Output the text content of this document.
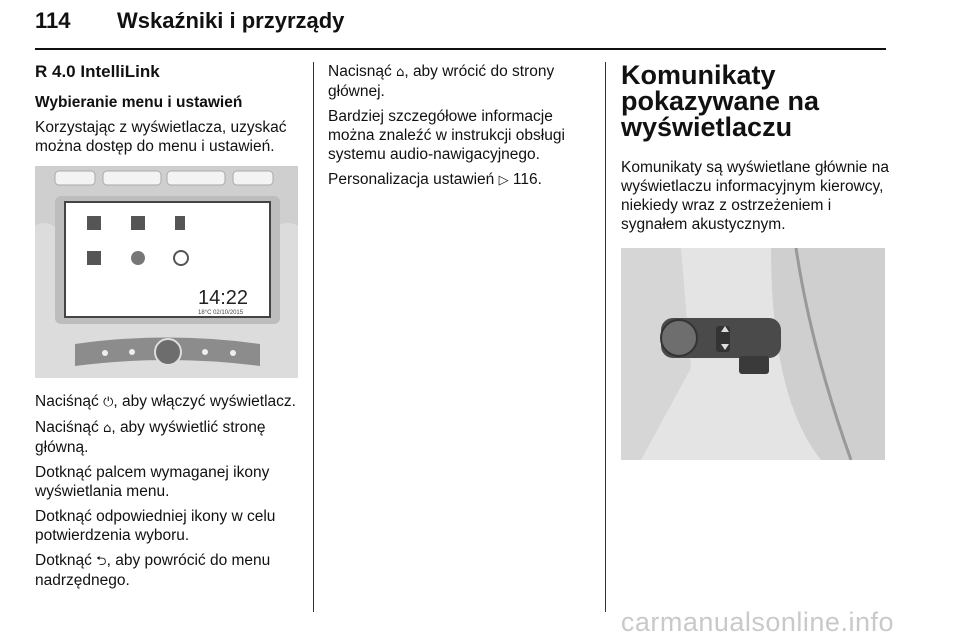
114 Wskaźniki i przyrządy
R 4.0 IntelliLink

Wybieranie menu i ustawień

Korzystając z wyświetlacza, uzyskać można dostęp do menu i ustawień.

14:22
18°C 02/10/2015

Naciśnąć ⏻, aby włączyć wyświetlacz.

Naciśnąć ⌂, aby wyświetlić stronę główną.

Dotknąć palcem wymaganej ikony wyświetlania menu.

Dotknąć odpowiedniej ikony w celu potwierdzenia wyboru.

Dotknąć ⮌, aby powrócić do menu nadrzędnego.

Nacisnąć ⌂, aby wrócić do strony głównej.

Bardziej szczegółowe informacje można znaleźć w instrukcji obsługi systemu audio-nawigacyjnego.

Personalizacja ustawień ▷ 116.

Komunikaty pokazywane na wyświetlaczu

Komunikaty są wyświetlane głównie na wyświetlaczu informacyjnym kierowcy, niekiedy wraz z ostrzeżeniem i sygnałem akustycznym.

carmanualsonline.info
